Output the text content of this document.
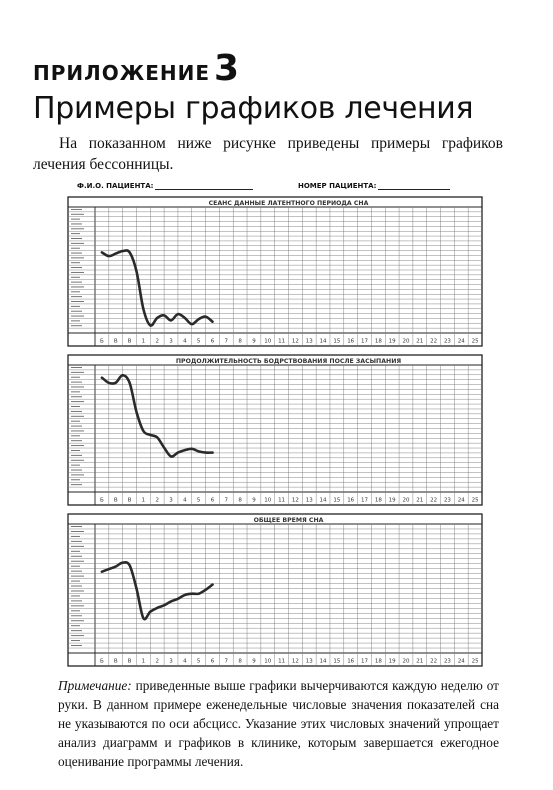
ПРИЛОЖЕНИЕ 3
Примеры графиков лечения

На показанном ниже рисунке приведены примеры графиков лечения бессонницы.

Ф.И.О. ПАЦИЕНТА:	НОМЕР ПАЦИЕНТА:
СЕАНС ДАННЫЕ ЛАТЕНТНОГО ПЕРИОДА СНА
Б В В 1 2 3 4 5 6 7 8 9 10 11 12 13 14 15 16 17 18 19 20 21 22 23 24 25
ПРОДОЛЖИТЕЛЬНОСТЬ БОДРСТВОВАНИЯ ПОСЛЕ ЗАСЫПАНИЯ
Б В В 1 2 3 4 5 6 7 8 9 10 11 12 13 14 15 16 17 18 19 20 21 22 23 24 25
ОБЩЕЕ ВРЕМЯ СНА
Б В В 1 2 3 4 5 6 7 8 9 10 11 12 13 14 15 16 17 18 19 20 21 22 23 24 25

Примечание: приведенные выше графики вычерчиваются каждую неделю от руки. В данном примере еженедельные числовые значения показателей сна не указываются по оси абсцисс. Указание этих числовых значений упрощает анализ диаграмм и графиков в клинике, которым завершается ежегодное оценивание программы лечения.
